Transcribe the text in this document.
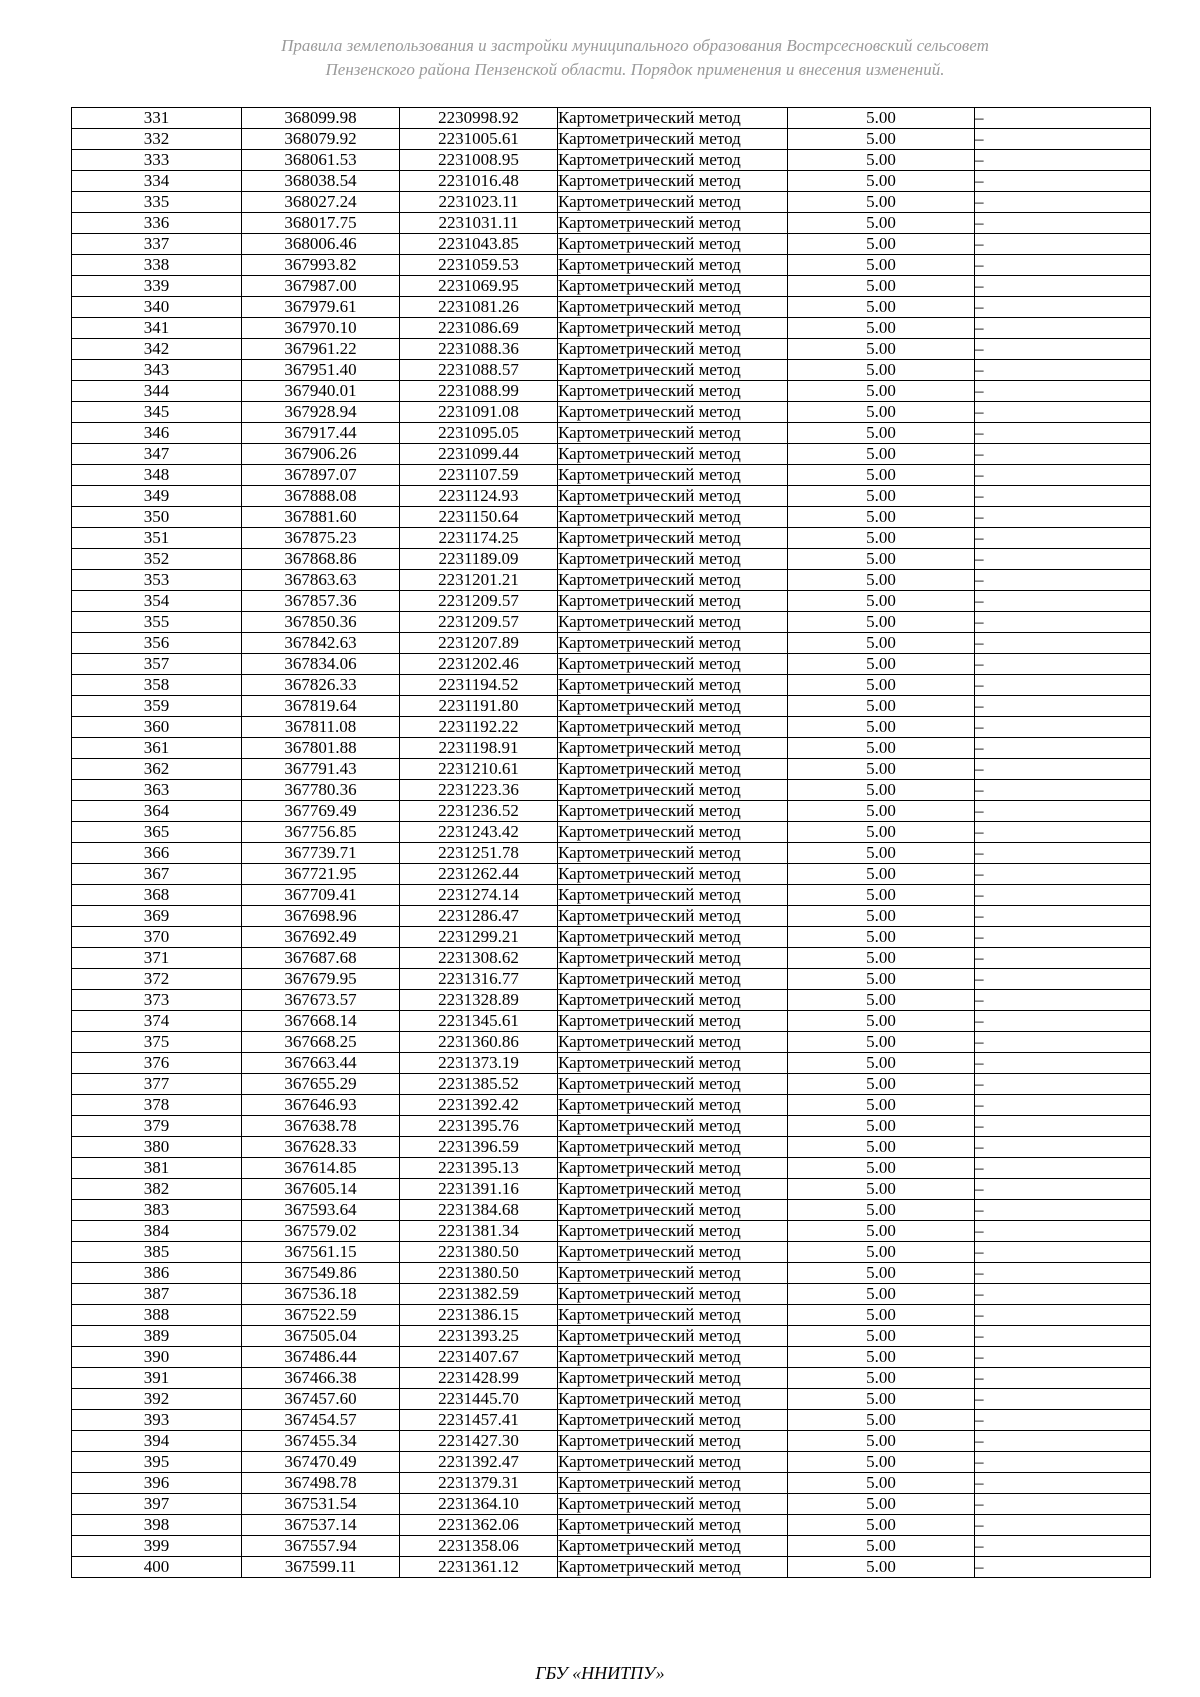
Правила землепользования и застройки муниципального образования Вострсесновский сельсовет
Пензенского района Пензенской области. Порядок применения и внесения изменений.
331	368099.98	2230998.92	Картометрический метод	5.00	–
332	368079.92	2231005.61	Картометрический метод	5.00	–
333	368061.53	2231008.95	Картометрический метод	5.00	–
334	368038.54	2231016.48	Картометрический метод	5.00	–
335	368027.24	2231023.11	Картометрический метод	5.00	–
336	368017.75	2231031.11	Картометрический метод	5.00	–
337	368006.46	2231043.85	Картометрический метод	5.00	–
338	367993.82	2231059.53	Картометрический метод	5.00	–
339	367987.00	2231069.95	Картометрический метод	5.00	–
340	367979.61	2231081.26	Картометрический метод	5.00	–
341	367970.10	2231086.69	Картометрический метод	5.00	–
342	367961.22	2231088.36	Картометрический метод	5.00	–
343	367951.40	2231088.57	Картометрический метод	5.00	–
344	367940.01	2231088.99	Картометрический метод	5.00	–
345	367928.94	2231091.08	Картометрический метод	5.00	–
346	367917.44	2231095.05	Картометрический метод	5.00	–
347	367906.26	2231099.44	Картометрический метод	5.00	–
348	367897.07	2231107.59	Картометрический метод	5.00	–
349	367888.08	2231124.93	Картометрический метод	5.00	–
350	367881.60	2231150.64	Картометрический метод	5.00	–
351	367875.23	2231174.25	Картометрический метод	5.00	–
352	367868.86	2231189.09	Картометрический метод	5.00	–
353	367863.63	2231201.21	Картометрический метод	5.00	–
354	367857.36	2231209.57	Картометрический метод	5.00	–
355	367850.36	2231209.57	Картометрический метод	5.00	–
356	367842.63	2231207.89	Картометрический метод	5.00	–
357	367834.06	2231202.46	Картометрический метод	5.00	–
358	367826.33	2231194.52	Картометрический метод	5.00	–
359	367819.64	2231191.80	Картометрический метод	5.00	–
360	367811.08	2231192.22	Картометрический метод	5.00	–
361	367801.88	2231198.91	Картометрический метод	5.00	–
362	367791.43	2231210.61	Картометрический метод	5.00	–
363	367780.36	2231223.36	Картометрический метод	5.00	–
364	367769.49	2231236.52	Картометрический метод	5.00	–
365	367756.85	2231243.42	Картометрический метод	5.00	–
366	367739.71	2231251.78	Картометрический метод	5.00	–
367	367721.95	2231262.44	Картометрический метод	5.00	–
368	367709.41	2231274.14	Картометрический метод	5.00	–
369	367698.96	2231286.47	Картометрический метод	5.00	–
370	367692.49	2231299.21	Картометрический метод	5.00	–
371	367687.68	2231308.62	Картометрический метод	5.00	–
372	367679.95	2231316.77	Картометрический метод	5.00	–
373	367673.57	2231328.89	Картометрический метод	5.00	–
374	367668.14	2231345.61	Картометрический метод	5.00	–
375	367668.25	2231360.86	Картометрический метод	5.00	–
376	367663.44	2231373.19	Картометрический метод	5.00	–
377	367655.29	2231385.52	Картометрический метод	5.00	–
378	367646.93	2231392.42	Картометрический метод	5.00	–
379	367638.78	2231395.76	Картометрический метод	5.00	–
380	367628.33	2231396.59	Картометрический метод	5.00	–
381	367614.85	2231395.13	Картометрический метод	5.00	–
382	367605.14	2231391.16	Картометрический метод	5.00	–
383	367593.64	2231384.68	Картометрический метод	5.00	–
384	367579.02	2231381.34	Картометрический метод	5.00	–
385	367561.15	2231380.50	Картометрический метод	5.00	–
386	367549.86	2231380.50	Картометрический метод	5.00	–
387	367536.18	2231382.59	Картометрический метод	5.00	–
388	367522.59	2231386.15	Картометрический метод	5.00	–
389	367505.04	2231393.25	Картометрический метод	5.00	–
390	367486.44	2231407.67	Картометрический метод	5.00	–
391	367466.38	2231428.99	Картометрический метод	5.00	–
392	367457.60	2231445.70	Картометрический метод	5.00	–
393	367454.57	2231457.41	Картометрический метод	5.00	–
394	367455.34	2231427.30	Картометрический метод	5.00	–
395	367470.49	2231392.47	Картометрический метод	5.00	–
396	367498.78	2231379.31	Картометрический метод	5.00	–
397	367531.54	2231364.10	Картометрический метод	5.00	–
398	367537.14	2231362.06	Картометрический метод	5.00	–
399	367557.94	2231358.06	Картометрический метод	5.00	–
400	367599.11	2231361.12	Картометрический метод	5.00	–
ГБУ «ННИТПУ»
